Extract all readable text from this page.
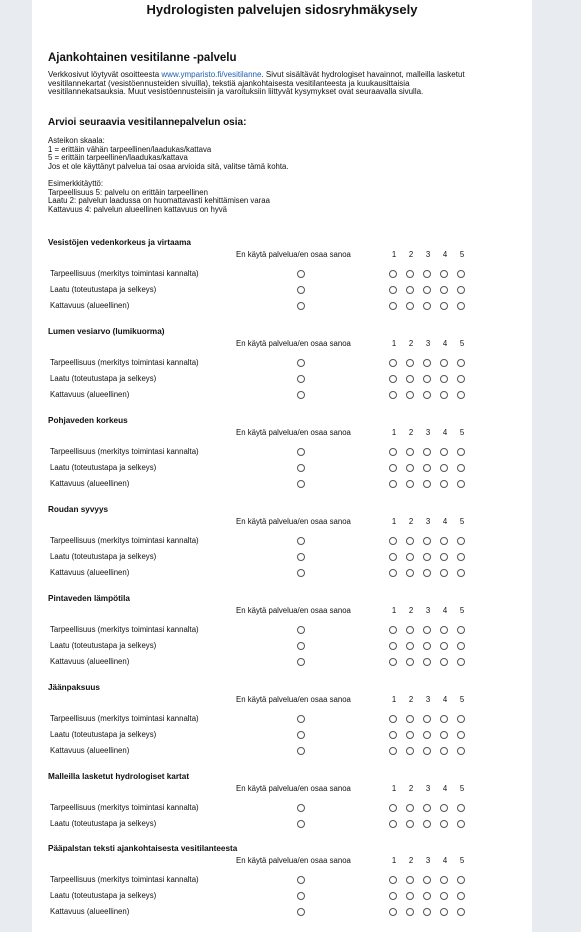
Hydrologisten palvelujen sidosryhmäkysely
Ajankohtainen vesitilanne -palvelu
Verkkosivut löytyvät osoitteesta www.ymparisto.fi/vesitilanne. Sivut sisältävät hydrologiset havainnot, malleilla lasketut vesitilannekartat (vesistöennusteiden sivuilla), tekstiä ajankohtaisesta vesitilanteesta ja kuukausittaisia vesitilannekatsauksia. Muut vesistöennusteisiin ja varoituksiin liittyvät kysymykset ovat seuraavalla sivulla.
Arvioi seuraavia vesitilannepalvelun osia:
Asteikon skaala:
1 = erittäin vähän tarpeellinen/laadukas/kattava
5 = erittäin tarpeellinen/laadukas/kattava
Jos et ole käyttänyt palvelua tai osaa arvioida sitä, valitse tämä kohta.
Esimerkkitäyttö:
Tarpeellisuus 5: palvelu on erittäin tarpeellinen
Laatu 2: palvelun laadussa on huomattavasti kehittämisen varaa
Kattavuus 4: palvelun alueellinen kattavuus on hyvä
Vesistöjen vedenkorkeus ja virtaama
En käytä palvelua/en osaa sanoa	1	2	3	4	5
Tarpeellisuus (merkitys toimintasi kannalta)
Laatu (toteutustapa ja selkeys)
Kattavuus (alueellinen)
Lumen vesiarvo (lumikuorma)
En käytä palvelua/en osaa sanoa	1	2	3	4	5
Tarpeellisuus (merkitys toimintasi kannalta)
Laatu (toteutustapa ja selkeys)
Kattavuus (alueellinen)
Pohjaveden korkeus
En käytä palvelua/en osaa sanoa	1	2	3	4	5
Tarpeellisuus (merkitys toimintasi kannalta)
Laatu (toteutustapa ja selkeys)
Kattavuus (alueellinen)
Roudan syvyys
En käytä palvelua/en osaa sanoa	1	2	3	4	5
Tarpeellisuus (merkitys toimintasi kannalta)
Laatu (toteutustapa ja selkeys)
Kattavuus (alueellinen)
Pintaveden lämpötila
En käytä palvelua/en osaa sanoa	1	2	3	4	5
Tarpeellisuus (merkitys toimintasi kannalta)
Laatu (toteutustapa ja selkeys)
Kattavuus (alueellinen)
Jäänpaksuus
En käytä palvelua/en osaa sanoa	1	2	3	4	5
Tarpeellisuus (merkitys toimintasi kannalta)
Laatu (toteutustapa ja selkeys)
Kattavuus (alueellinen)
Malleilla lasketut hydrologiset kartat
En käytä palvelua/en osaa sanoa	1	2	3	4	5
Tarpeellisuus (merkitys toimintasi kannalta)
Laatu (toteutustapa ja selkeys)
Pääpalstan teksti ajankohtaisesta vesitilanteesta
En käytä palvelua/en osaa sanoa	1	2	3	4	5
Tarpeellisuus (merkitys toimintasi kannalta)
Laatu (toteutustapa ja selkeys)
Kattavuus (alueellinen)
